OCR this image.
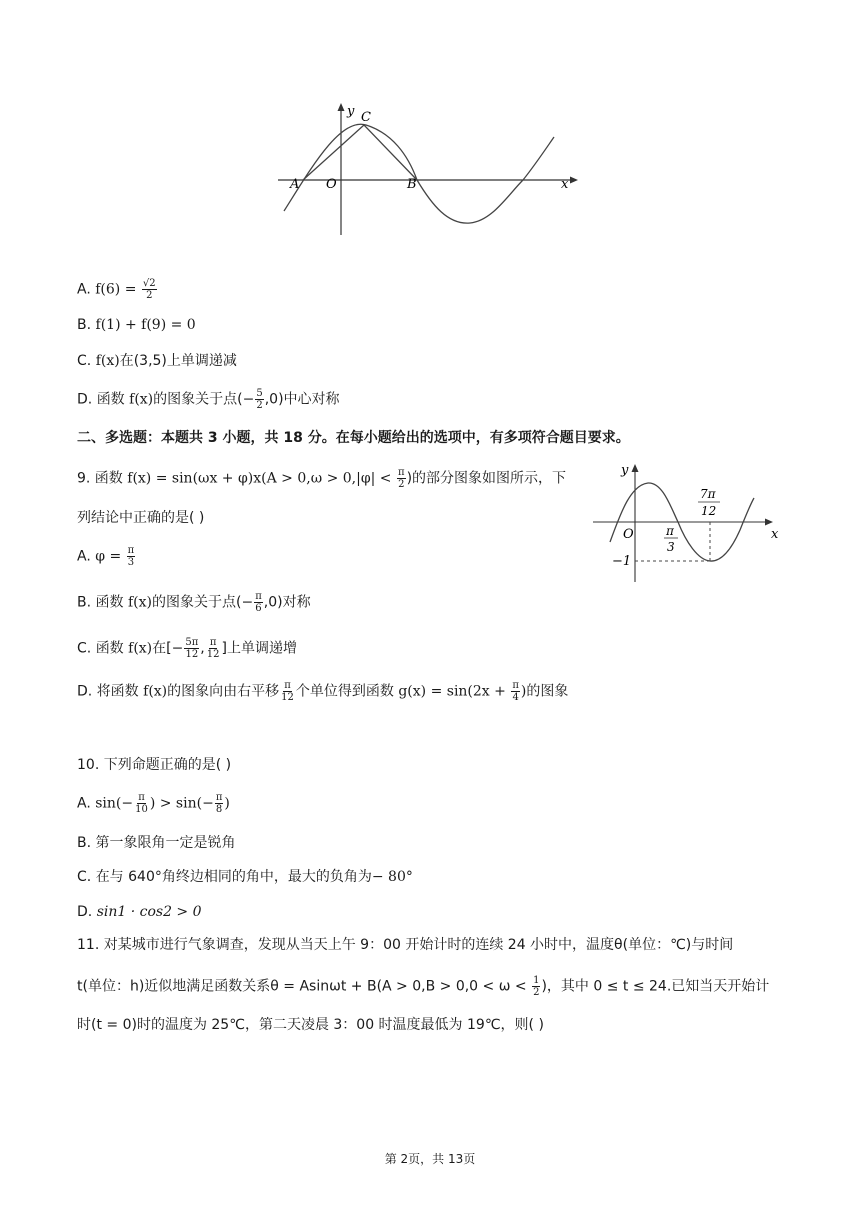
y C
A O	B	x
A. $f(6) = \frac{√2}{2}$
B. f(1) + f(9) = 0
C. f(x)在(3,5)上单调递减
D. 函数 f(x)的图象关于点(− $\frac{5}{2} ,0$)中心对称
二、多选题：本题共 3 小题，共 18 分。在每小题给出的选项中，有多项符合题目要求。
9. 函数 $f(x) = \sin(\omega x + \varphi)x(A > 0,\omega > 0,|\varphi| < \frac{\pi}{2}$ )的部分图象如图所示，下
列结论中正确的是( )
y
O	x
−1
π
3
7π
12
A. $\varphi = \frac{\pi}{3}$
B. 函数 f(x)的图象关于点(− $\frac{\pi}{6} ,0$)对称
C. 函数 f(x)在[− $\frac{5\pi}{12}$ , $\frac{\pi}{12}$ ]上单调递增
D. 将函数 f(x)的图象向由右平移 $\frac{\pi}{12}$ 个单位得到函数 $g(x) = \sin(2x + \frac{\pi}{4}$ )的图象
10. 下列命题正确的是( )
A. $\sin(- \frac{\pi}{10}$ ) > $\sin(- \frac{\pi}{8}$ )
B. 第一象限角一定是锐角
C. 在与 640°角终边相同的角中，最大的负角为− 80°
D. sin1 · cos2 > 0
11. 对某城市进行气象调查，发现从当天上午 9：00 开始计时的连续 24 小时中，温度θ(单位：℃)与时间
t(单位：h)近似地满足函数关系$\theta = Asin\omega t + B(A > 0,B > 0,0 < \omega < \frac{1}{2}$ )，其中 0 ≤ t ≤ 24.已知当天开始计
时(t = 0)时的温度为 25℃，第二天凌晨 3：00 时温度最低为 19℃，则( )
第 2页，共 13页
